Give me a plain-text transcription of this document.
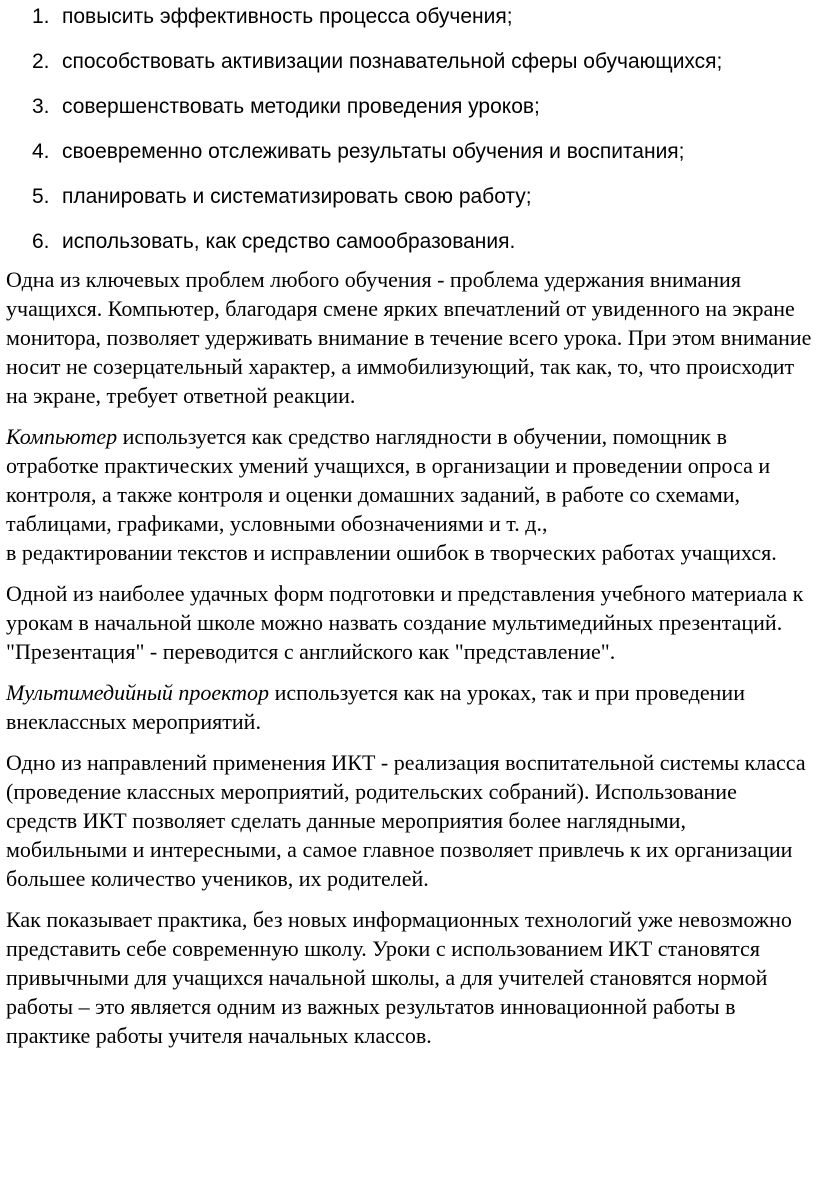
1. повысить эффективность процесса обучения;
2. способствовать активизации познавательной сферы обучающихся;
3. совершенствовать методики проведения уроков;
4. своевременно отслеживать результаты обучения и воспитания;
5. планировать и систематизировать свою работу;
6. использовать, как средство самообразования.

Одна из ключевых проблем любого обучения - проблема удержания внимания учащихся. Компьютер, благодаря смене ярких впечатлений от увиденного на экране монитора, позволяет удерживать внимание в течение всего урока. При этом внимание носит не созерцательный характер, а иммобилизующий, так как, то, что происходит на экране, требует ответной реакции.

Компьютер используется как средство наглядности в обучении, помощник в отработке практических умений учащихся, в организации и проведении опроса и контроля, а также контроля и оценки домашних заданий, в работе со схемами, таблицами, графиками, условными обозначениями и т. д.,
в редактировании текстов и исправлении ошибок в творческих работах учащихся.

Одной из наиболее удачных форм подготовки и представления учебного материала к урокам в начальной школе можно назвать создание мультимедийных презентаций. "Презентация" - переводится с английского как "представление".

Мультимедийный проектор используется как на уроках, так и при проведении внеклассных мероприятий.

Одно из направлений применения ИКТ - реализация воспитательной системы класса (проведение классных мероприятий, родительских собраний). Использование средств ИКТ позволяет сделать данные мероприятия более наглядными, мобильными и интересными, а самое главное позволяет привлечь к их организации большее количество учеников, их родителей.

Как показывает практика, без новых информационных технологий уже невозможно представить себе современную школу. Уроки с использованием ИКТ становятся привычными для учащихся начальной школы, а для учителей становятся нормой работы – это является одним из важных результатов инновационной работы в практике работы учителя начальных классов.
